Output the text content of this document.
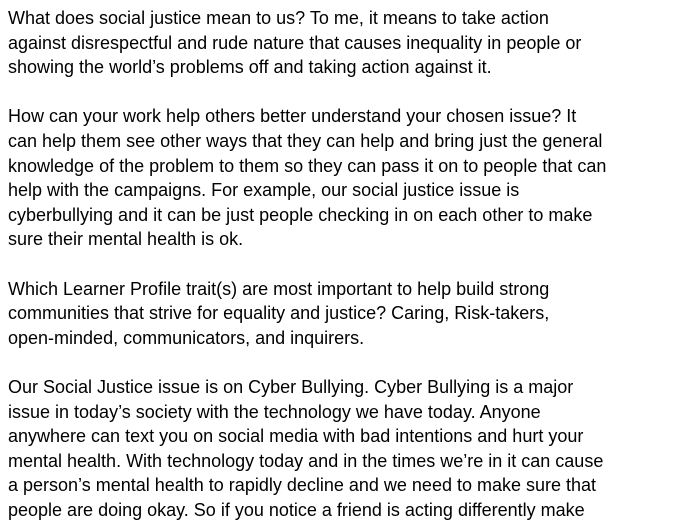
What does social justice mean to us? To me, it means to take action
against disrespectful and rude nature that causes inequality in people or
showing the world’s problems off and taking action against it.

How can your work help others better understand your chosen issue? It
can help them see other ways that they can help and bring just the general
knowledge of the problem to them so they can pass it on to people that can
help with the campaigns. For example, our social justice issue is
cyberbullying and it can be just people checking in on each other to make
sure their mental health is ok.

Which Learner Profile trait(s) are most important to help build strong
communities that strive for equality and justice? Caring, Risk-takers,
open-minded, communicators, and inquirers.

Our Social Justice issue is on Cyber Bullying. Cyber Bullying is a major
issue in today’s society with the technology we have today. Anyone
anywhere can text you on social media with bad intentions and hurt your
mental health. With technology today and in the times we’re in it can cause
a person’s mental health to rapidly decline and we need to make sure that
people are doing okay. So if you notice a friend is acting differently make
